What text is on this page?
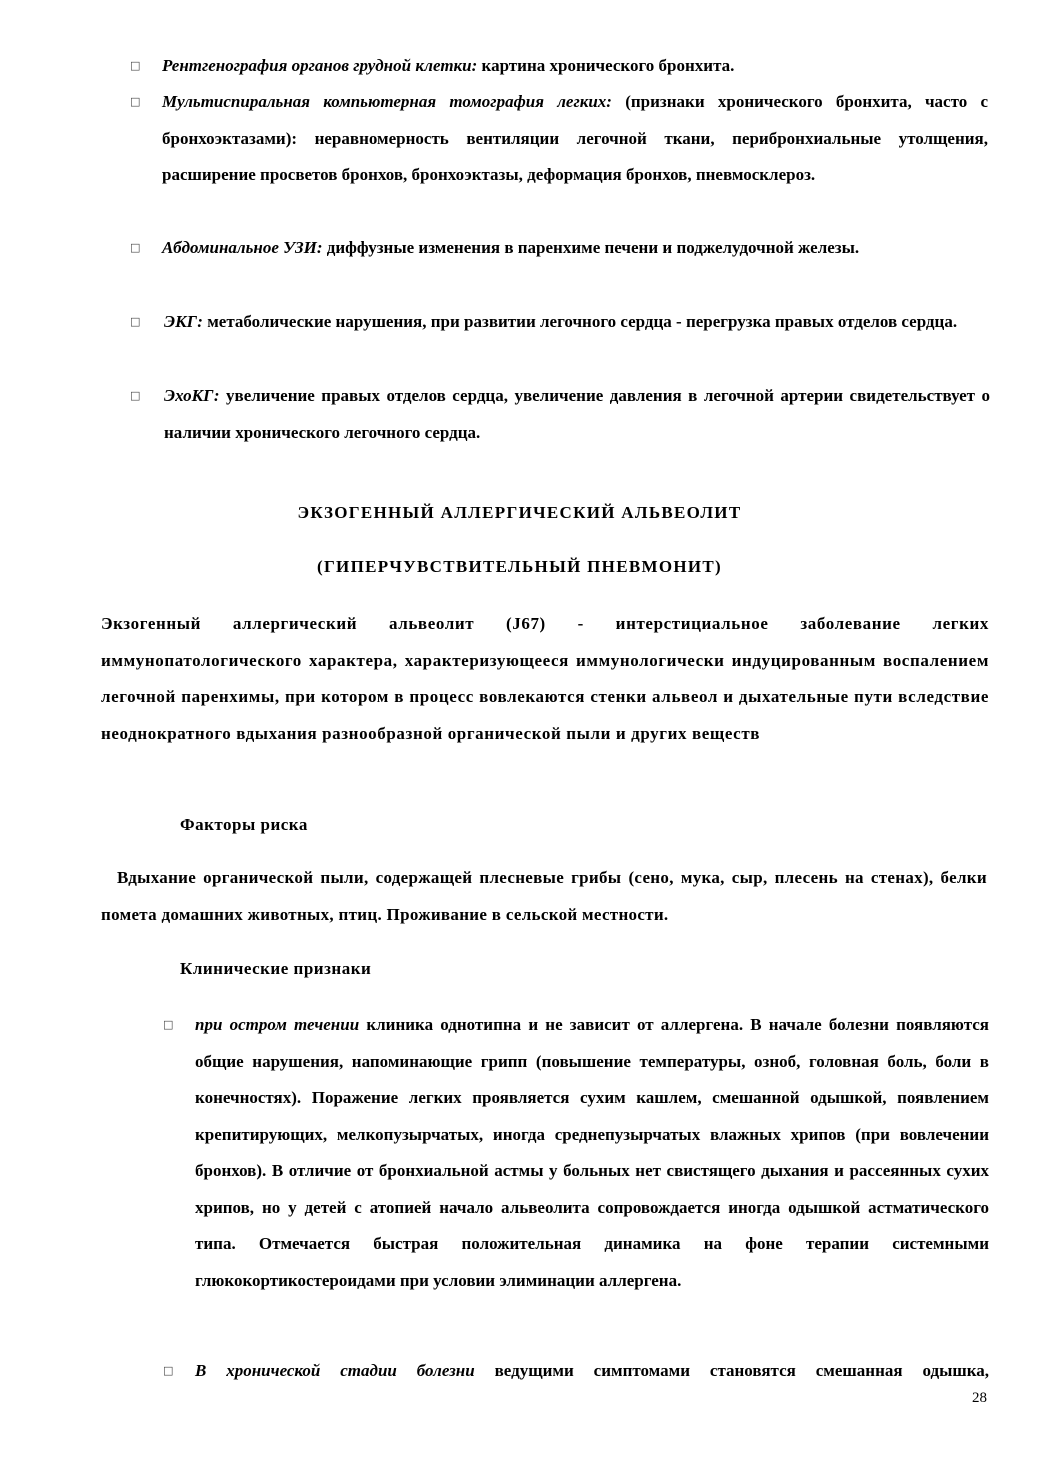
□ Рентгенография органов грудной клетки: картина хронического бронхита.
□ Мультиспиральная компьютерная томография легких: (признаки хронического бронхита, часто с бронхоэктазами): неравномерность вентиляции легочной ткани, перибронхиальные утолщения, расширение просветов бронхов, бронхоэктазы, деформация бронхов, пневмосклероз.
□ Абдоминальное УЗИ: диффузные изменения в паренхиме печени и поджелудочной железы.
□ ЭКГ: метаболические нарушения, при развитии легочного сердца - перегрузка правых отделов сердца.
□ ЭхоКГ: увеличение правых отделов сердца, увеличение давления в легочной артерии свидетельствует о наличии хронического легочного сердца.
ЭКЗОГЕННЫЙ АЛЛЕРГИЧЕСКИЙ АЛЬВЕОЛИТ
(ГИПЕРЧУВСТВИТЕЛЬНЫЙ ПНЕВМОНИТ)
Экзогенный аллергический альвеолит (J67) - интерстициальное заболевание легких иммунопатологического характера, характеризующееся иммунологически индуцированным воспалением легочной паренхимы, при котором в процесс вовлекаются стенки альвеол и дыхательные пути вследствие неоднократного вдыхания разнообразной органической пыли и других веществ
Факторы риска
Вдыхание органической пыли, содержащей плесневые грибы (сено, мука, сыр, плесень на стенах), белки помета домашних животных, птиц. Проживание в сельской местности.
Клинические признаки
□ при остром течении клиника однотипна и не зависит от аллергена. В начале болезни появляются общие нарушения, напоминающие грипп (повышение температуры, озноб, головная боль, боли в конечностях). Поражение легких проявляется сухим кашлем, смешанной одышкой, появлением крепитирующих, мелкопузырчатых, иногда среднепузырчатых влажных хрипов (при вовлечении бронхов). В отличие от бронхиальной астмы у больных нет свистящего дыхания и рассеянных сухих хрипов, но у детей с атопией начало альвеолита сопровождается иногда одышкой астматического типа. Отмечается быстрая положительная динамика на фоне терапии системными глюкокортикостероидами при условии элиминации аллергена.
□ В хронической стадии болезни ведущими симптомами становятся смешанная одышка,
28
